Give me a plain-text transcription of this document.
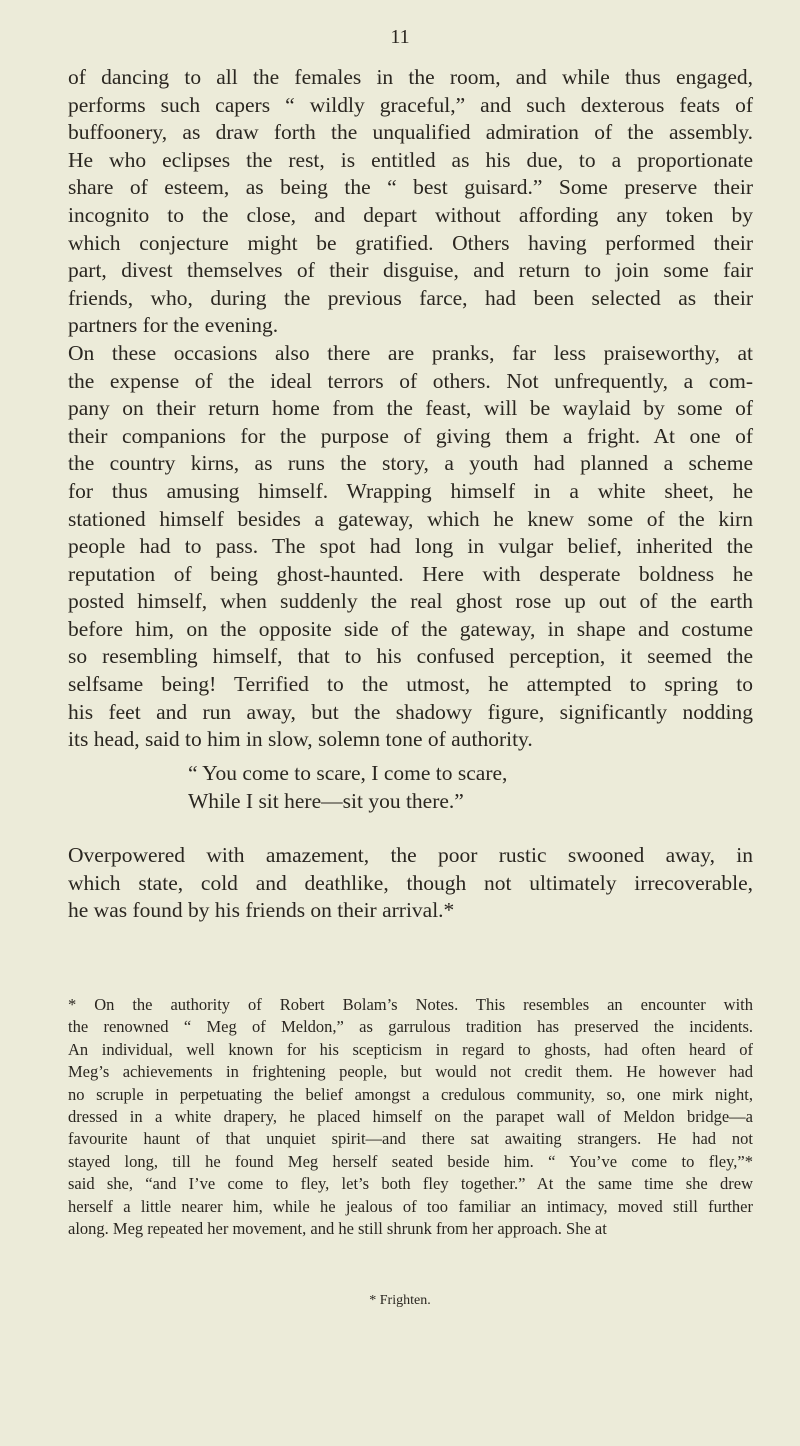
11
of dancing to all the females in the room, and while thus engaged,
performs such capers “ wildly graceful,” and such dexterous feats of
buffoonery, as draw forth the unqualified admiration of the assembly.
He who eclipses the rest, is entitled as his due, to a proportionate
share of esteem, as being the “ best guisard.” Some preserve their
incognito to the close, and depart without affording any token by
which conjecture might be gratified. Others having performed their
part, divest themselves of their disguise, and return to join some fair
friends, who, during the previous farce, had been selected as their
partners for the evening.
On these occasions also there are pranks, far less praiseworthy, at
the expense of the ideal terrors of others. Not unfrequently, a com-
pany on their return home from the feast, will be waylaid by some of
their companions for the purpose of giving them a fright. At one of
the country kirns, as runs the story, a youth had planned a scheme
for thus amusing himself. Wrapping himself in a white sheet, he
stationed himself besides a gateway, which he knew some of the kirn
people had to pass. The spot had long in vulgar belief, inherited the
reputation of being ghost-haunted. Here with desperate boldness he
posted himself, when suddenly the real ghost rose up out of the earth
before him, on the opposite side of the gateway, in shape and costume
so resembling himself, that to his confused perception, it seemed the
selfsame being! Terrified to the utmost, he attempted to spring to
his feet and run away, but the shadowy figure, significantly nodding
its head, said to him in slow, solemn tone of authority.
“ You come to scare, I come to scare,
While I sit here—sit you there.”
Overpowered with amazement, the poor rustic swooned away, in
which state, cold and deathlike, though not ultimately irrecoverable,
he was found by his friends on their arrival.*
* On the authority of Robert Bolam’s Notes. This resembles an encounter with
the renowned “ Meg of Meldon,” as garrulous tradition has preserved the incidents.
An individual, well known for his scepticism in regard to ghosts, had often heard of
Meg’s achievements in frightening people, but would not credit them. He however had
no scruple in perpetuating the belief amongst a credulous community, so, one mirk night,
dressed in a white drapery, he placed himself on the parapet wall of Meldon bridge—a
favourite haunt of that unquiet spirit—and there sat awaiting strangers. He had not
stayed long, till he found Meg herself seated beside him. “ You’ve come to fley,”*
said she, “and I’ve come to fley, let’s both fley together.” At the same time she drew
herself a little nearer him, while he jealous of too familiar an intimacy, moved still further
along. Meg repeated her movement, and he still shrunk from her approach. She at
* Frighten.
